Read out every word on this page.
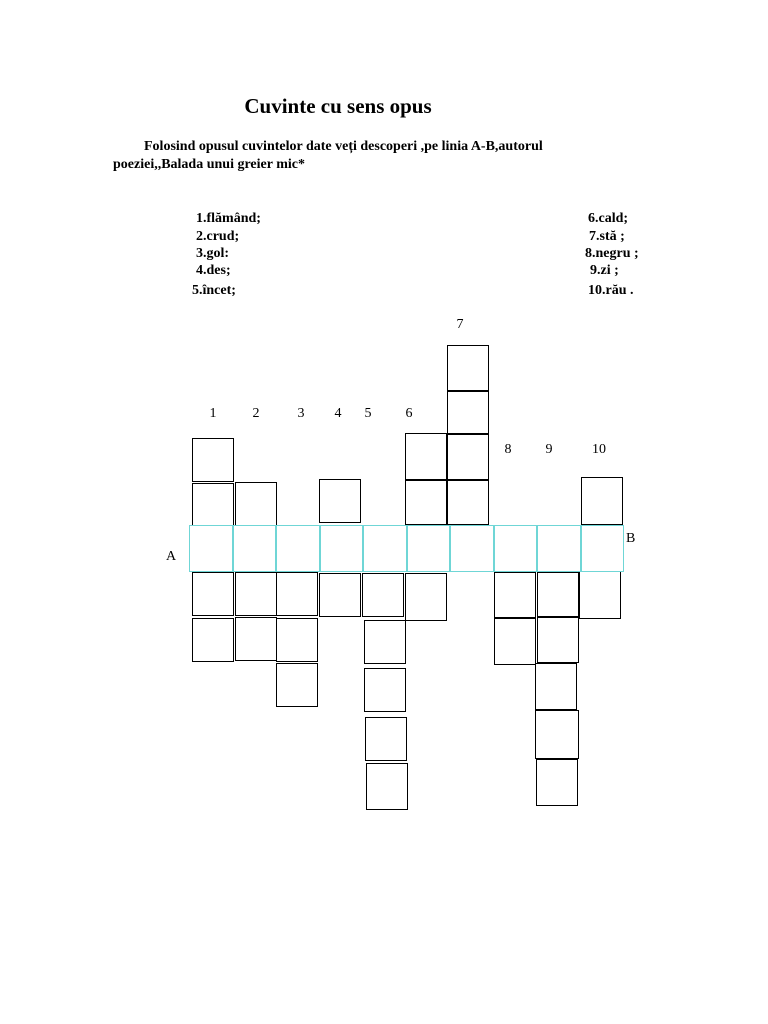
Cuvinte cu sens opus
Folosind opusul cuvintelor date veți descoperi ,pe linia A-B,autorul
poeziei,,Balada unui greier mic*
1.flămând;
2.crud;
3.gol:
4.des;
5.încet;
6.cald;
7.stă ;
8.negru ;
9.zi ;
10.rău .
1	2	3	4	5	6
7
8	9	10
A
B
